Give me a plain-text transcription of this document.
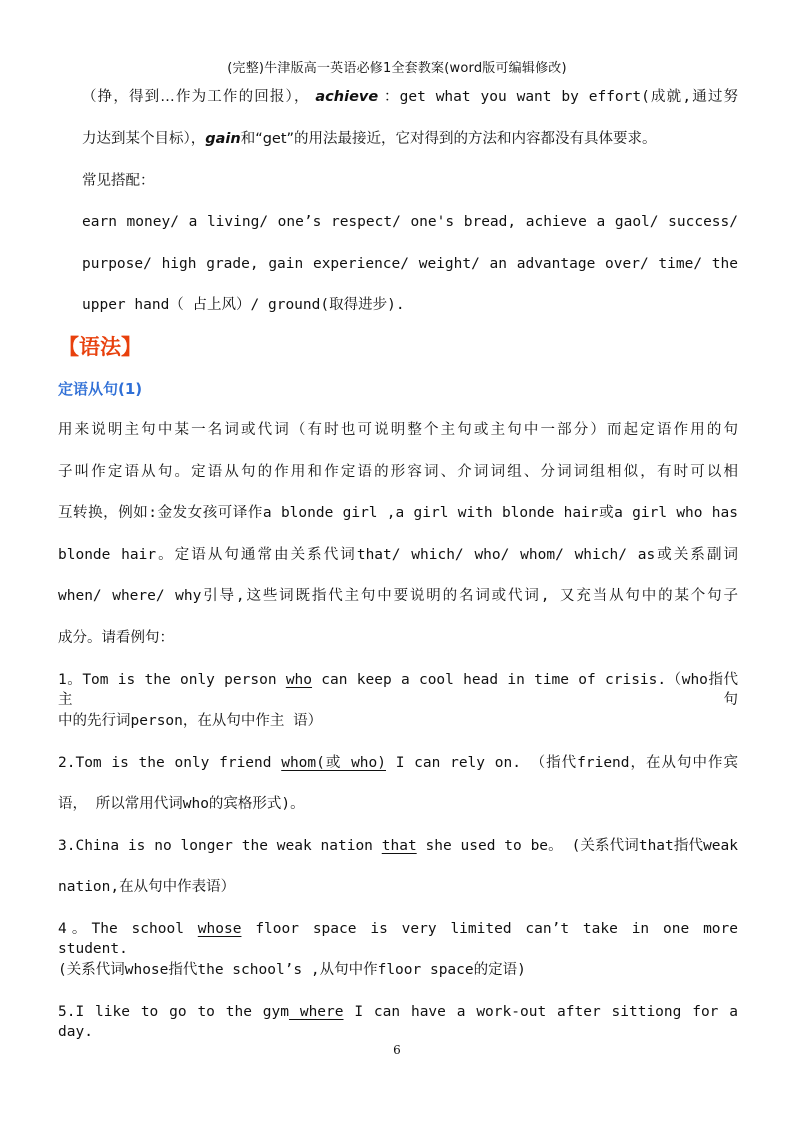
(完整)牛津版高一英语必修1全套教案(word版可编辑修改)
（挣，得到…作为工作的回报）， achieve ：get what you want by effort(成就,通过努
力达到某个目标），gain和“get”的用法最接近，它对得到的方法和内容都没有具体要求。
常见搭配：
earn money/ a living/ one’s respect/ one's bread, achieve a gaol/ success/
purpose/ high grade, gain experience/ weight/ an advantage over/ time/ the
upper hand（ 占上风）/ ground(取得进步).
【语法】
定语从句(1)
用来说明主句中某一名词或代词（有时也可说明整个主句或主句中一部分）而起定语作用的句
子叫作定语从句。定语从句的作用和作定语的形容词、介词词组、分词词组相似，有时可以相
互转换，例如:金发女孩可译作a blonde girl ,a girl with blonde hair或a girl who has
blonde hair。定语从句通常由关系代词that/ which/ who/ whom/ which/ as或关系副词
when/ where/ why引导,这些词既指代主句中要说明的名词或代词, 又充当从句中的某个句子
成分。请看例句：
1。Tom is the only person who can keep a cool head in time of crisis.（who指代主句
中的先行词person，在从句中作主 语）
2.Tom is the only friend whom(或 who) I can rely on. （指代friend，在从句中作宾
语， 所以常用代词who的宾格形式)。
3.China is no longer the weak nation that she used to be。 (关系代词that指代weak
nation,在从句中作表语）
4。The school whose floor space is very limited can’t take in one more student.
(关系代词whose指代the school’s ,从句中作floor space的定语)
5.I like to go to the gym where I can have a work-out after sittiong for a day.
6
